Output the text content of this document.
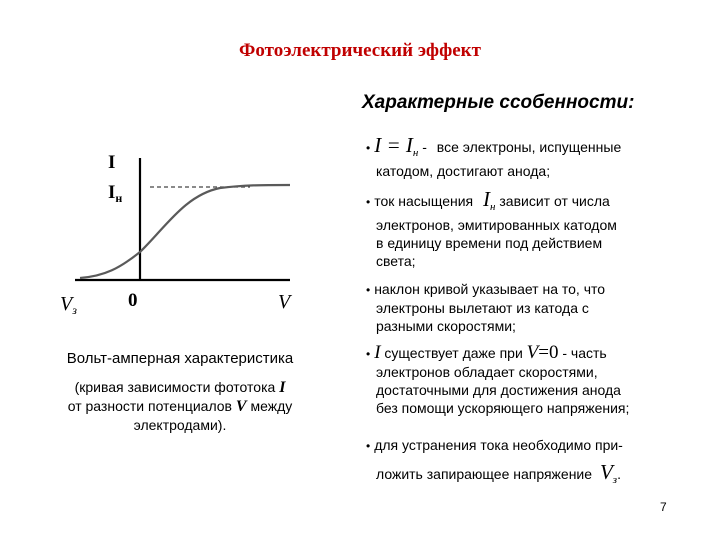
Фотоэлектрический эффект
Характерные ссобенности:
I
$I_н$
$V_з$	0	V
Вольт-амперная характеристика
(кривая зависимости фототока I
от разности потенциалов V между
электродами).
• $I = I_н$ - все электроны, испущенные
катодом, достигают анода;
• ток насыщения $I_н$ зависит от числа
электронов, эмитированных катодом
в единицу времени под действием
света;
• наклон кривой указывает на то, что
электроны вылетают из катода с
разными скоростями;
• I существует даже при V=0 - часть
электронов обладает скоростями,
достаточными для достижения анода
без помощи ускоряющего напряжения;
• для устранения тока необходимо при-
ложить запирающее напряжение $V_з$.
7
